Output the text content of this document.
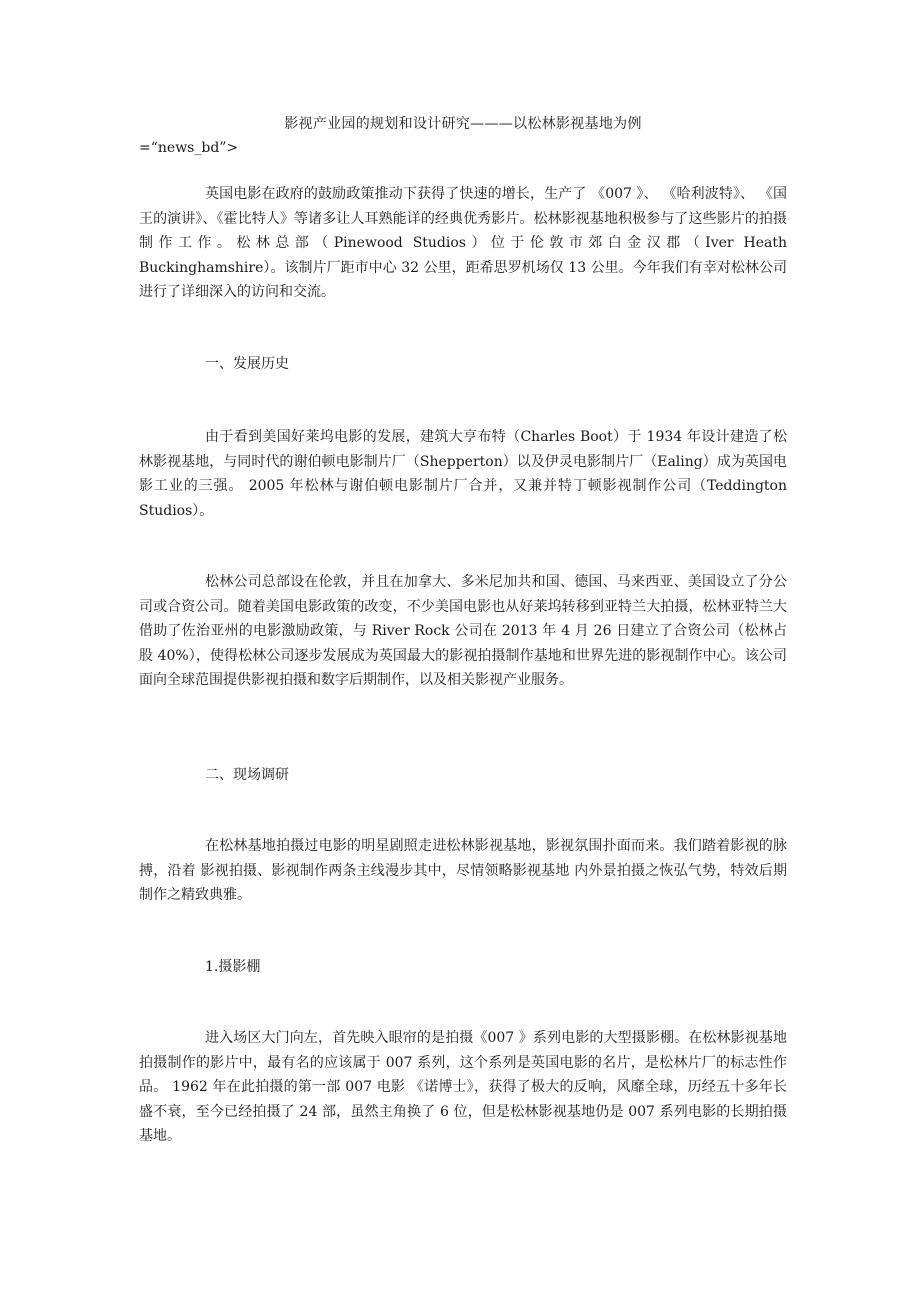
影视产业园的规划和设计研究———以松林影视基地为例
=“news_bd”>

英国电影在政府的鼓励政策推动下获得了快速的增长，生产了 《007 》、 《哈利波特》、 《国王的演讲》、《霍比特人》等诸多让人耳熟能详的经典优秀影片。松林影视基地积极参与了这些影片的拍摄制作工作。松林总部（Pinewood Studios）位于伦敦市郊白金汉郡（Iver Heath Buckinghamshire）。该制片厂距市中心 32 公里，距希思罗机场仅 13 公里。今年我们有幸对松林公司进行了详细深入的访问和交流。

一、发展历史

由于看到美国好莱坞电影的发展，建筑大亨布特（Charles Boot）于 1934 年设计建造了松林影视基地，与同时代的谢伯顿电影制片厂（Shepperton）以及伊灵电影制片厂（Ealing）成为英国电影工业的三强。 2005 年松林与谢伯顿电影制片厂合并，又兼并特丁顿影视制作公司（Teddington Studios）。

松林公司总部设在伦敦，并且在加拿大、多米尼加共和国、德国、马来西亚、美国设立了分公司或合资公司。随着美国电影政策的改变，不少美国电影也从好莱坞转移到亚特兰大拍摄，松林亚特兰大借助了佐治亚州的电影激励政策，与 River Rock 公司在 2013 年 4 月 26 日建立了合资公司（松林占股 40%），使得松林公司逐步发展成为英国最大的影视拍摄制作基地和世界先进的影视制作中心。该公司面向全球范围提供影视拍摄和数字后期制作，以及相关影视产业服务。

二、现场调研

在松林基地拍摄过电影的明星剧照走进松林影视基地，影视氛围扑面而来。我们踏着影视的脉搏，沿着 影视拍摄、影视制作两条主线漫步其中，尽情领略影视基地 内外景拍摄之恢弘气势，特效后期制作之精致典雅。

1.摄影棚

进入场区大门向左，首先映入眼帘的是拍摄《007 》系列电影的大型摄影棚。在松林影视基地拍摄制作的影片中，最有名的应该属于 007 系列，这个系列是英国电影的名片，是松林片厂的标志性作品。 1962 年在此拍摄的第一部 007 电影 《诺博士》，获得了极大的反响，风靡全球，历经五十多年长盛不衰，至今已经拍摄了 24 部，虽然主角换了 6 位，但是松林影视基地仍是 007 系列电影的长期拍摄基地。
